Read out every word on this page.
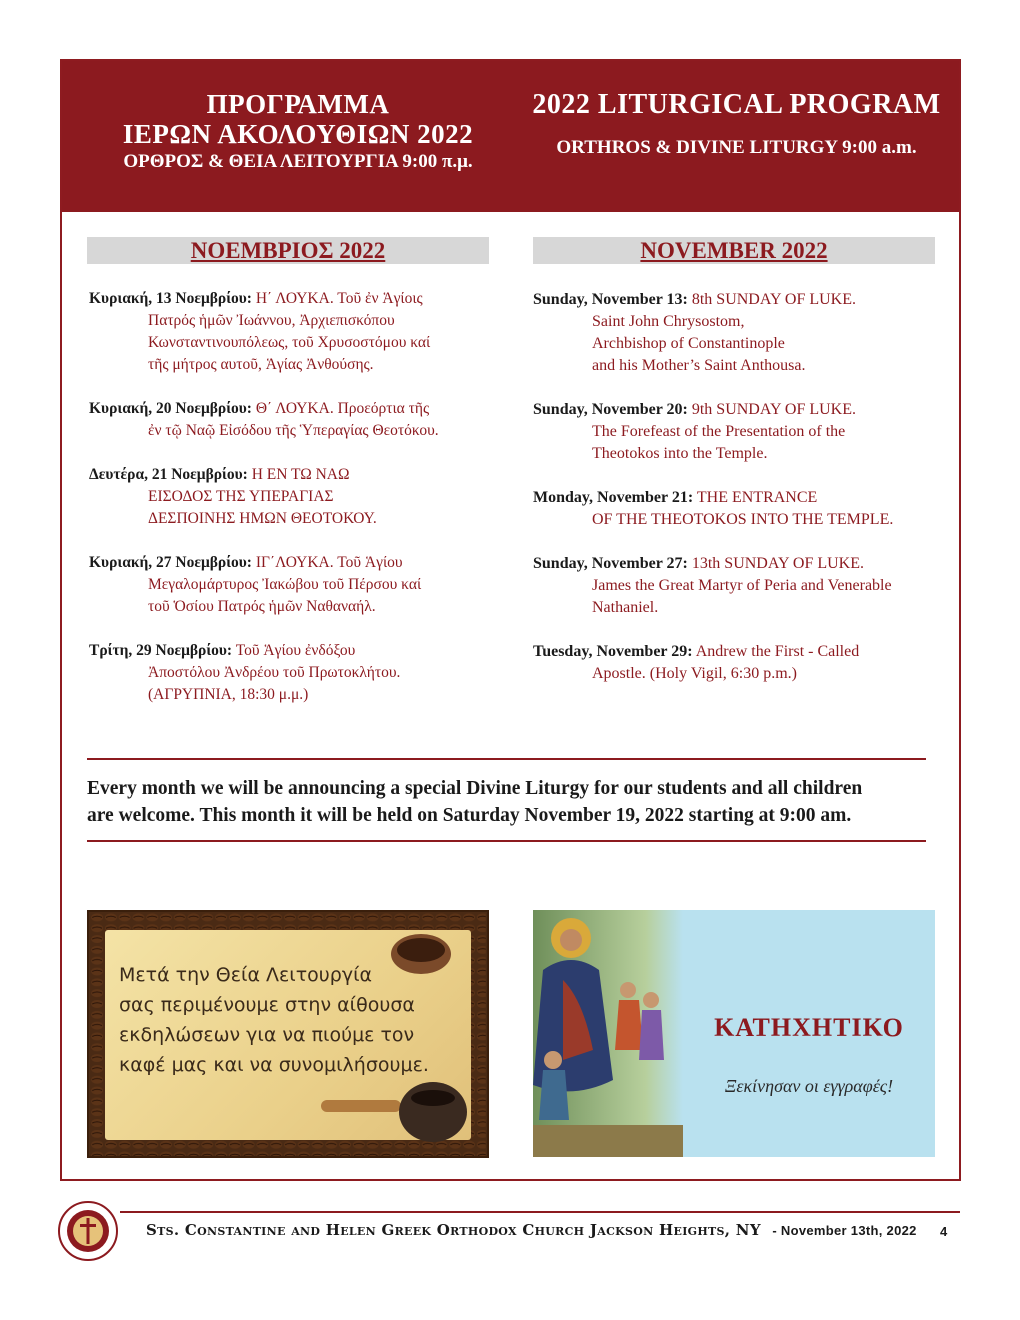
ΠΡΟΓΡΑΜΜΑ
ΙΕΡΩΝ ΑΚΟΛΟΥΘΙΩΝ 2022
ΟΡΘΡΟΣ & ΘΕΙΑ ΛΕΙΤΟΥΡΓΙΑ 9:00 π.μ.
2022 LITURGICAL PROGRAM
ORTHROS & DIVINE LITURGY 9:00 a.m.
ΝΟΕΜΒΡΙΟΣ 2022	NOVEMBER 2022
Κυριακή, 13 Νοεμβρίου: Η΄ ΛΟΥΚΑ. Τοῦ ἐν Ἁγίοις
Πατρός ἡμῶν Ἰωάννου, Ἀρχιεπισκόπου
Κωνσταντινουπόλεως, τοῦ Χρυσοστόμου καί
τῆς μήτρος αυτοῦ, Ἁγίας Ἀνθούσης.
Κυριακή, 20 Νοεμβρίου: Θ΄ ΛΟΥΚΑ. Προεόρτια τῆς
ἐν τῷ Ναῷ Εἰσόδου τῆς Ὑπεραγίας Θεοτόκου.
Δευτέρα, 21 Νοεμβρίου: Η ΕΝ ΤΩ ΝΑΩ
ΕΙΣΟΔΟΣ ΤΗΣ ΥΠΕΡΑΓΙΑΣ
ΔΕΣΠΟΙΝΗΣ ΗΜΩΝ ΘΕΟΤΟΚΟΥ.
Κυριακή, 27 Νοεμβρίου: ΙΓ΄ΛΟΥΚΑ. Τοῦ Ἁγίου
Μεγαλομάρτυρος Ἰακώβου τοῦ Πέρσου καί
τοῦ Ὁσίου Πατρός ἡμῶν Ναθαναήλ.
Τρίτη, 29 Νοεμβρίου: Τοῦ Ἁγίου ἐνδόξου
Ἀποστόλου Ἀνδρέου τοῦ Πρωτοκλήτου.
(ΑΓΡΥΠΝΙΑ, 18:30 μ.μ.)
Sunday, November 13: 8th SUNDAY OF LUKE.
Saint John Chrysostom,
Archbishop of Constantinople
and his Mother’s Saint Anthousa.
Sunday, November 20: 9th SUNDAY OF LUKE.
The Forefeast of the Presentation of the
Theotokos into the Temple.
Monday, November 21: THE ENTRANCE
OF THE THEOTOKOS INTO THE TEMPLE.
Sunday, November 27: 13th SUNDAY OF LUKE.
James the Great Martyr of Peria and Venerable
Nathaniel.
Tuesday, November 29: Andrew the First - Called
Apostle. (Holy Vigil, 6:30 p.m.)
Every month we will be announcing a special Divine Liturgy for our students and all children
are welcome. This month it will be held on Saturday November 19, 2022 starting at 9:00 am.
Μετά την Θεία Λειτουργία
σας περιμένουμε στην αίθουσα
εκδηλώσεων για να πιούμε τον
καφέ μας και να συνομιλήσουμε.
ΚΑΤΗΧΗΤΙΚΟ
Ξεκίνησαν οι εγγραφές!
Sts. Constantine and Helen Greek Orthodox Church Jackson Heights, NY - November 13th, 2022	4
